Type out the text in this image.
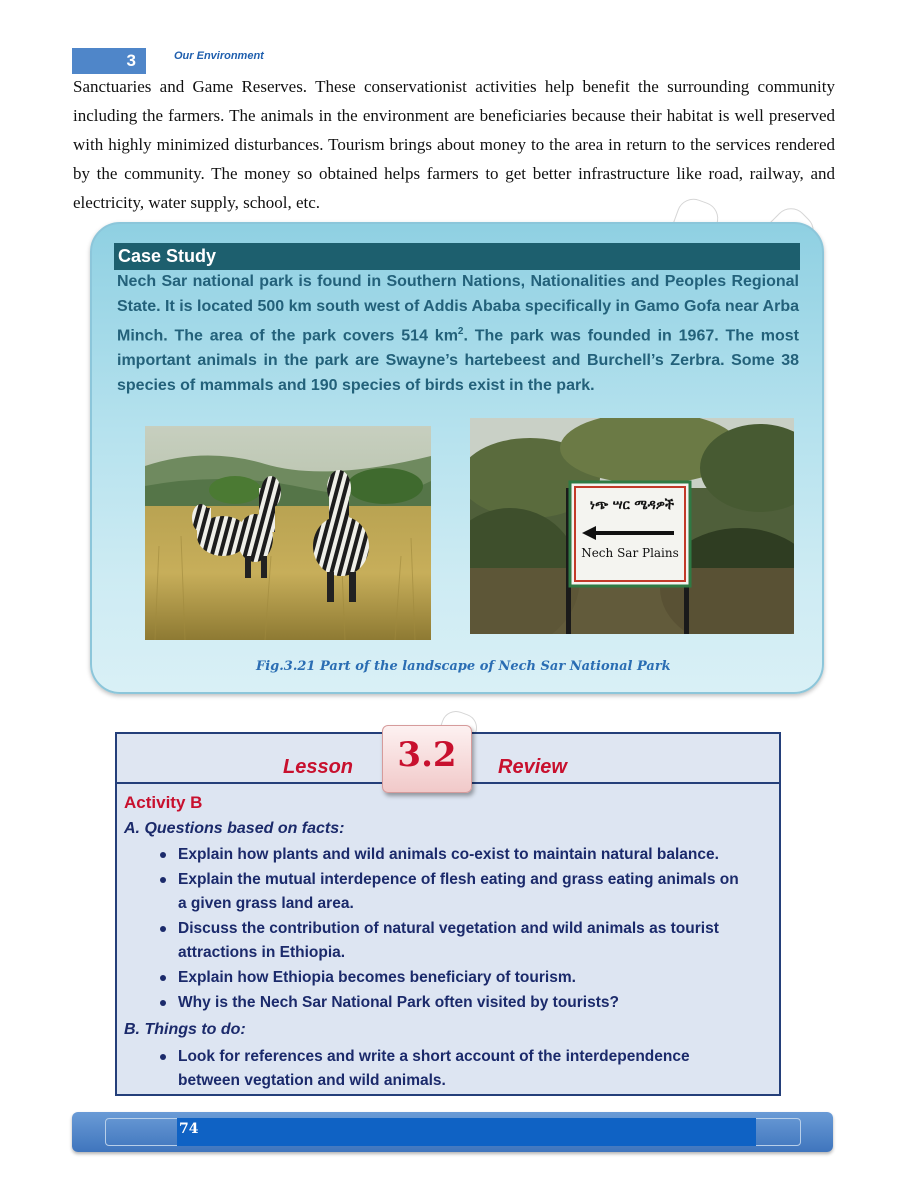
3	Our Environment

Sanctuaries and Game Reserves. These conservationist activities help benefit the surrounding community including the farmers. The animals in the environment are beneficiaries because their habitat is well preserved with highly minimized disturbances. Tourism brings about money to the area in return to the services rendered by the community. The money so obtained helps farmers to get better infrastructure like road, railway, and electricity, water supply, school, etc.

Case Study

Nech Sar national park is found in Southern Nations, Nationalities and Peoples Regional State. It is located 500 km south west of Addis Ababa specifically in Gamo Gofa near Arba Minch. The area of the park covers 514 $km^2$. The park was founded in 1967. The most important animals in the park are Swayne’s hartebeest and Burchell’s Zerbra. Some 38 species of mammals and 190 species of birds exist in the park.

ነጭ ሣር ሜዳዎች
Nech Sar Plains
Fig.3.21 Part of the landscape of Nech Sar National Park
Lesson	Review
3.2
Activity B
A. Questions based on facts:
Explain how plants and wild animals co-exist to maintain natural balance.
Explain the mutual interdepence of flesh eating and grass eating animals on a given grass land area.
Discuss the contribution of natural vegetation and wild animals as tourist attractions in Ethiopia.
Explain how Ethiopia becomes beneficiary of tourism.
Why is the Nech Sar National Park often visited by tourists?
B. Things to do:
Look for references and write a short account of the interdependence between vegtation and wild animals.
74
